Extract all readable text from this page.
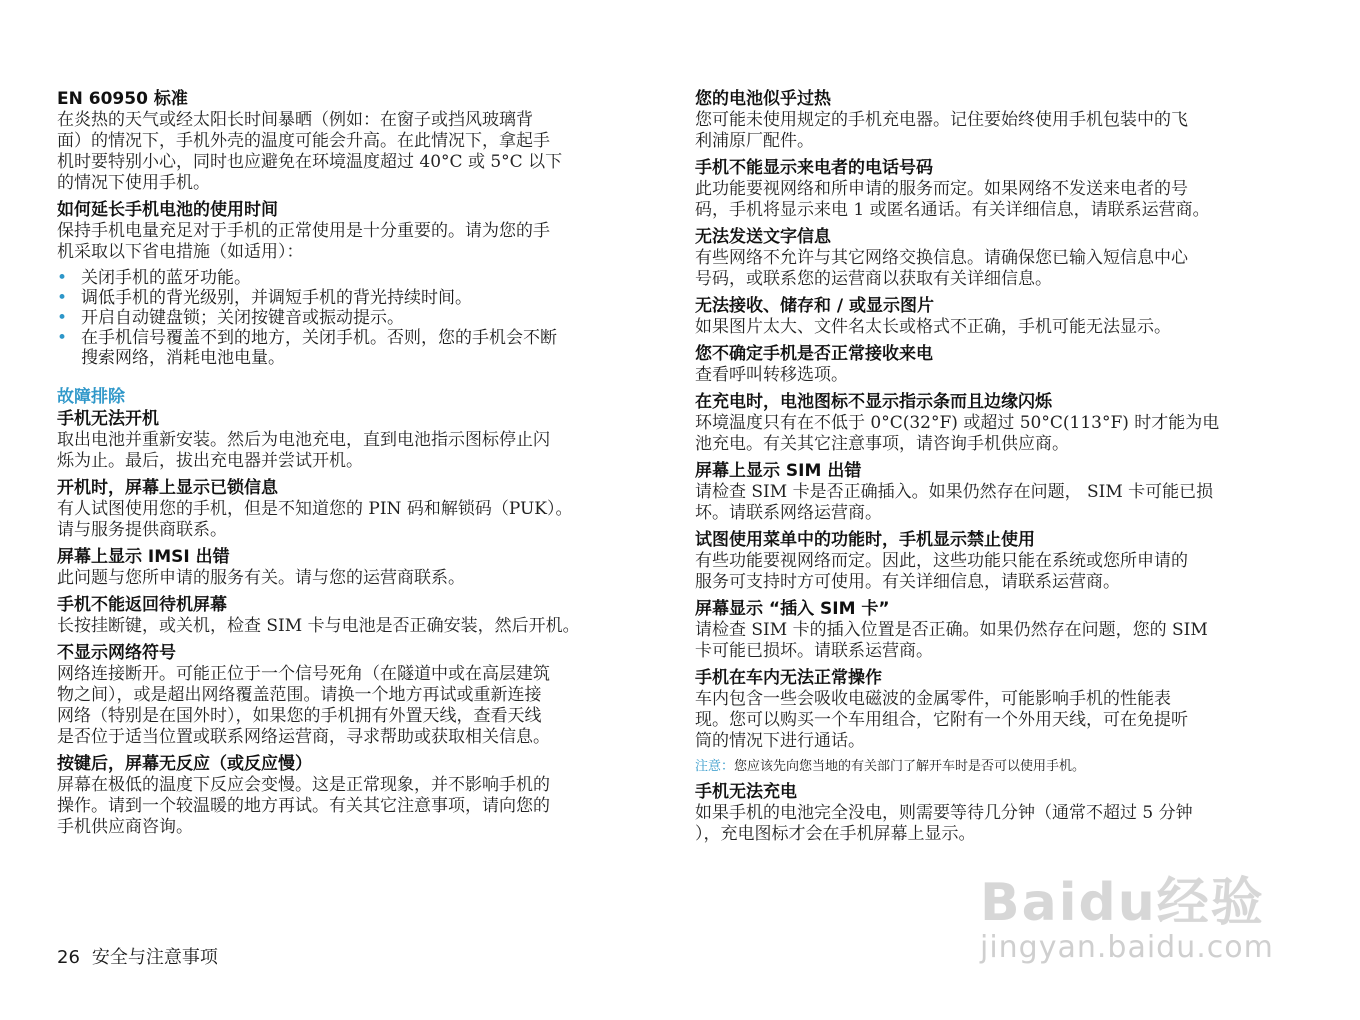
EN 60950 标准
在炎热的天气或经太阳长时间暴晒（例如：在窗子或挡风玻璃背
面）的情况下，手机外壳的温度可能会升高。在此情况下，拿起手
机时要特别小心，同时也应避免在环境温度超过 40°C 或 5°C 以下
的情况下使用手机。
如何延长手机电池的使用时间
保持手机电量充足对于手机的正常使用是十分重要的。请为您的手
机采取以下省电措施（如适用）：
• 关闭手机的蓝牙功能。
• 调低手机的背光级别，并调短手机的背光持续时间。
• 开启自动键盘锁；关闭按键音或振动提示。
• 在手机信号覆盖不到的地方，关闭手机。否则，您的手机会不断
搜索网络，消耗电池电量。
故障排除
手机无法开机
取出电池并重新安装。然后为电池充电，直到电池指示图标停止闪
烁为止。最后，拔出充电器并尝试开机。
开机时，屏幕上显示已锁信息
有人试图使用您的手机，但是不知道您的 PIN 码和解锁码（PUK）。
请与服务提供商联系。
屏幕上显示 IMSI 出错
此问题与您所申请的服务有关。请与您的运营商联系。
手机不能返回待机屏幕
长按挂断键，或关机，检查 SIM 卡与电池是否正确安装，然后开机。
不显示网络符号
网络连接断开。可能正位于一个信号死角（在隧道中或在高层建筑
物之间），或是超出网络覆盖范围。请换一个地方再试或重新连接
网络（特别是在国外时），如果您的手机拥有外置天线，查看天线
是否位于适当位置或联系网络运营商，寻求帮助或获取相关信息。
按键后，屏幕无反应（或反应慢）
屏幕在极低的温度下反应会变慢。这是正常现象，并不影响手机的
操作。请到一个较温暖的地方再试。有关其它注意事项，请向您的
手机供应商咨询。
您的电池似乎过热
您可能未使用规定的手机充电器。记住要始终使用手机包装中的飞
利浦原厂配件。
手机不能显示来电者的电话号码
此功能要视网络和所申请的服务而定。如果网络不发送来电者的号
码，手机将显示来电 1 或匿名通话。有关详细信息，请联系运营商。
无法发送文字信息
有些网络不允许与其它网络交换信息。请确保您已输入短信息中心
号码，或联系您的运营商以获取有关详细信息。
无法接收、储存和 / 或显示图片
如果图片太大、文件名太长或格式不正确，手机可能无法显示。
您不确定手机是否正常接收来电
查看呼叫转移选项。
在充电时，电池图标不显示指示条而且边缘闪烁
环境温度只有在不低于 0°C(32°F) 或超过 50°C(113°F) 时才能为电
池充电。有关其它注意事项，请咨询手机供应商。
屏幕上显示 SIM 出错
请检查 SIM 卡是否正确插入。如果仍然存在问题， SIM 卡可能已损
坏。请联系网络运营商。
试图使用菜单中的功能时，手机显示禁止使用
有些功能要视网络而定。因此，这些功能只能在系统或您所申请的
服务可支持时方可使用。有关详细信息，请联系运营商。
屏幕显示 “插入 SIM 卡”
请检查 SIM 卡的插入位置是否正确。如果仍然存在问题，您的 SIM
卡可能已损坏。请联系运营商。
手机在车内无法正常操作
车内包含一些会吸收电磁波的金属零件，可能影响手机的性能表
现。您可以购买一个车用组合，它附有一个外用天线，可在免提听
筒的情况下进行通话。
注意：您应该先向您当地的有关部门了解开车时是否可以使用手机。
手机无法充电
如果手机的电池完全没电，则需要等待几分钟（通常不超过 5 分钟
），充电图标才会在手机屏幕上显示。
26 安全与注意事项
Baidu经验
jingyan.baidu.com
